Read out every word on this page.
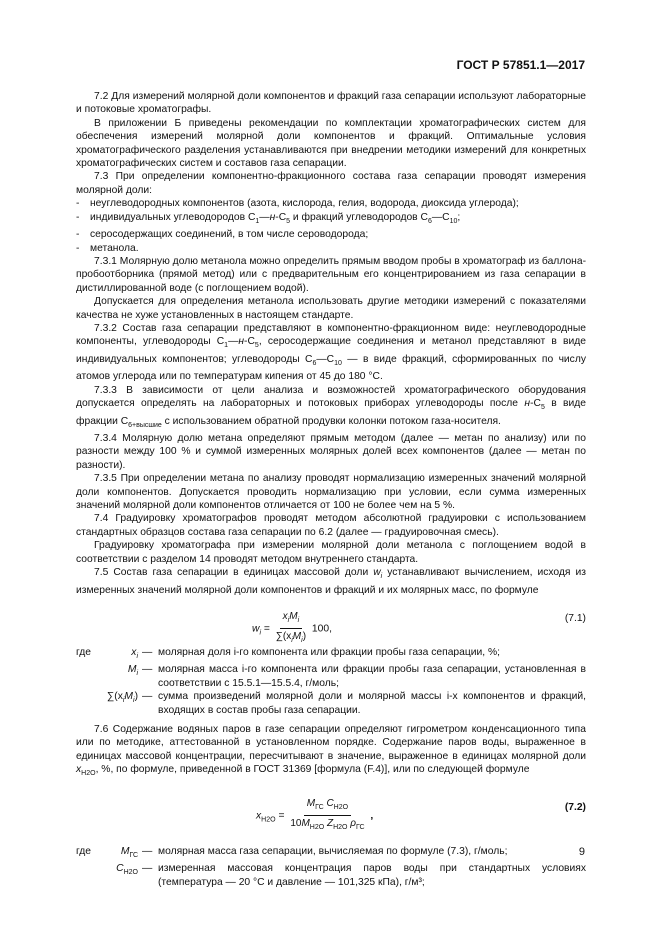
ГОСТ Р 57851.1—2017

7.2 Для измерений молярной доли компонентов и фракций газа сепарации используют лабораторные и потоковые хроматографы.

В приложении Б приведены рекомендации по комплектации хроматографических систем для обеспечения измерений молярной доли компонентов и фракций. Оптимальные условия хроматографического разделения устанавливаются при внедрении методики измерений для конкретных хроматографических систем и составов газа сепарации.

7.3 При определении компонентно-фракционного состава газа сепарации проводят измерения молярной доли:

-	неуглеводородных компонентов (азота, кислорода, гелия, водорода, диоксида углерода);
-	индивидуальных углеводородов $C_1—н-C_5$ и фракций углеводородов $C_6—C_{10}$;
-	серосодержащих соединений, в том числе сероводорода;
-	метанола.

7.3.1 Молярную долю метанола можно определить прямым вводом пробы в хроматограф из баллона-пробоотборника (прямой метод) или с предварительным его концентрированием из газа сепарации в дистиллированной воде (с поглощением водой).

Допускается для определения метанола использовать другие методики измерений с показателями качества не хуже установленных в настоящем стандарте.

7.3.2 Состав газа сепарации представляют в компонентно-фракционном виде: неуглеводородные компоненты, углеводороды $C_1—н-C_5$, серосодержащие соединения и метанол представляют в виде индивидуальных компонентов; углеводороды $C_6—C_{10}$ — в виде фракций, сформированных по числу атомов углерода или по температурам кипения от 45 до 180 °C.

7.3.3 В зависимости от цели анализа и возможностей хроматографического оборудования допускается определять на лабораторных и потоковых приборах углеводороды после $н-C_5$ в виде фракции $C_{6+высшие}$ с использованием обратной продувки колонки потоком газа-носителя.

7.3.4 Молярную долю метана определяют прямым методом (далее — метан по анализу) или по разности между 100 % и суммой измеренных молярных долей всех компонентов (далее — метан по разности).

7.3.5 При определении метана по анализу проводят нормализацию измеренных значений молярной доли компонентов. Допускается проводить нормализацию при условии, если сумма измеренных значений молярной доли компонентов отличается от 100 не более чем на 5 %.

7.4 Градуировку хроматографов проводят методом абсолютной градуировки с использованием стандартных образцов состава газа сепарации по 6.2 (далее — градуировочная смесь).

Градуировку хроматографа при измерении молярной доли метанола с поглощением водой в соответствии с разделом 14 проводят методом внутреннего стандарта.

7.5 Состав газа сепарации в единицах массовой доли $w_i$ устанавливают вычислением, исходя из измеренных значений молярной доли компонентов и фракций и их молярных масс, по формуле

$w_i = \frac{x_iM_i}{\sum(x_iM_i)} 100$,
(7.1)
где	$x_i$ — молярная доля i-го компонента или фракции пробы газа сепарации, %;
$M_i$ — молярная масса i-го компонента или фракции пробы газа сепарации, установленная в соответствии с 15.5.1—15.5.4, г/моль;
$\sum(x_iM_i)$ — сумма произведений молярной доли и молярной массы i-х компонентов и фракций, входящих в состав пробы газа сепарации.

7.6 Содержание водяных паров в газе сепарации определяют гигрометром конденсационного типа или по методике, аттестованной в установленном порядке. Содержание паров воды, выраженное в единицах массовой концентрации, пересчитывают в значение, выраженное в единицах молярной доли $x_{H2O}$, %, по формуле, приведенной в ГОСТ 31369 [формула (F.4)], или по следующей формуле

$x_{H2O} = \frac{M_{ГС} C_{H2O}}{10M_{H2O} Z_{H2O} \rho_{ГС}}$ ,
(7.2)
где	$M_{ГС}$ — молярная масса газа сепарации, вычисляемая по формуле (7.3), г/моль;
$C_{H2O}$ — измеренная массовая концентрация паров воды при стандартных условиях (температура — 20 °C и давление — 101,325 кПа), г/м³;
9
